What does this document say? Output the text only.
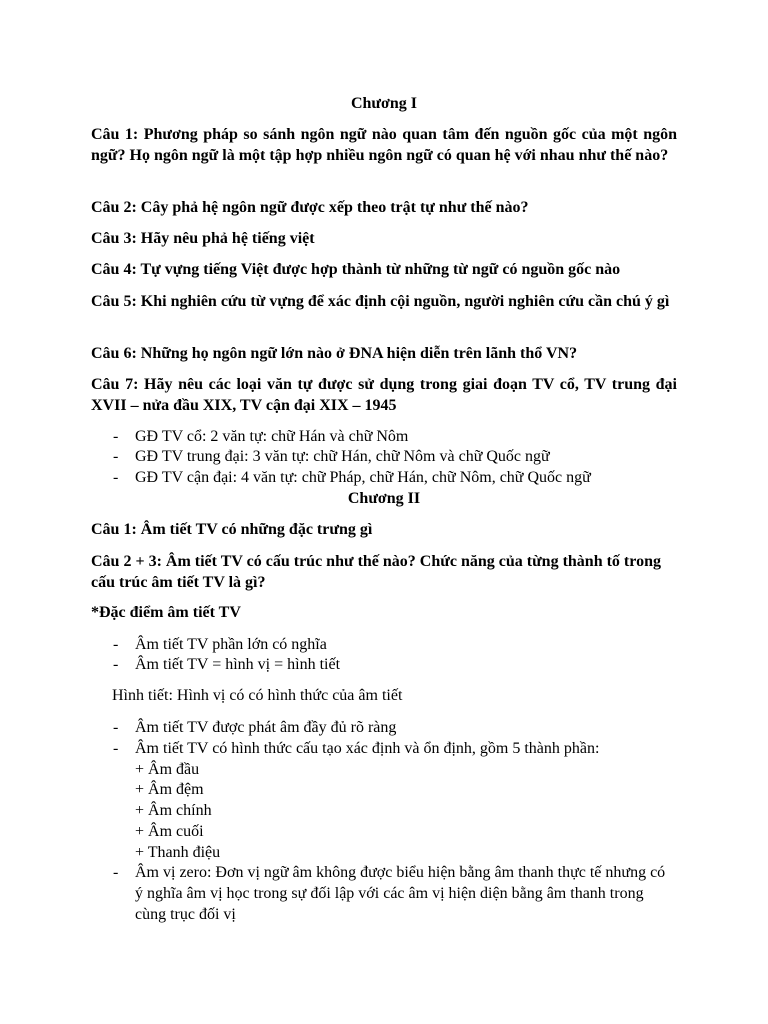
Chương I

Câu 1: Phương pháp so sánh ngôn ngữ nào quan tâm đến nguồn gốc của một ngôn ngữ? Họ ngôn ngữ là một tập hợp nhiều ngôn ngữ có quan hệ với nhau như thế nào?

Câu 2: Cây phả hệ ngôn ngữ được xếp theo trật tự như thế nào?

Câu 3: Hãy nêu phả hệ tiếng việt

Câu 4: Tự vựng tiếng Việt được hợp thành từ những từ ngữ có nguồn gốc nào

Câu 5: Khi nghiên cứu từ vựng để xác định cội nguồn, người nghiên cứu cần chú ý gì

Câu 6: Những họ ngôn ngữ lớn nào ở ĐNA hiện diễn trên lãnh thổ VN?

Câu 7: Hãy nêu các loại văn tự được sử dụng trong giai đoạn TV cổ, TV trung đại XVII – nửa đầu XIX, TV cận đại XIX – 1945

- GĐ TV cổ: 2 văn tự: chữ Hán và chữ Nôm
- GĐ TV trung đại: 3 văn tự: chữ Hán, chữ Nôm và chữ Quốc ngữ
- GĐ TV cận đại: 4 văn tự: chữ Pháp, chữ Hán, chữ Nôm, chữ Quốc ngữ

Chương II

Câu 1: Âm tiết TV có những đặc trưng gì

Câu 2 + 3: Âm tiết TV có cấu trúc như thế nào? Chức năng của từng thành tố trong cấu trúc âm tiết TV là gì?

*Đặc điểm âm tiết TV

- Âm tiết TV phần lớn có nghĩa
- Âm tiết TV = hình vị = hình tiết

Hình tiết: Hình vị có có hình thức của âm tiết

- Âm tiết TV được phát âm đầy đủ rõ ràng
- Âm tiết TV có hình thức cấu tạo xác định và ổn định, gồm 5 thành phần:

+ Âm đầu

+ Âm đệm

+ Âm chính

+ Âm cuối

+ Thanh điệu

- Âm vị zero: Đơn vị ngữ âm không được biểu hiện bằng âm thanh thực tế nhưng có ý nghĩa âm vị học trong sự đối lập với các âm vị hiện diện bằng âm thanh trong cùng trục đối vị
